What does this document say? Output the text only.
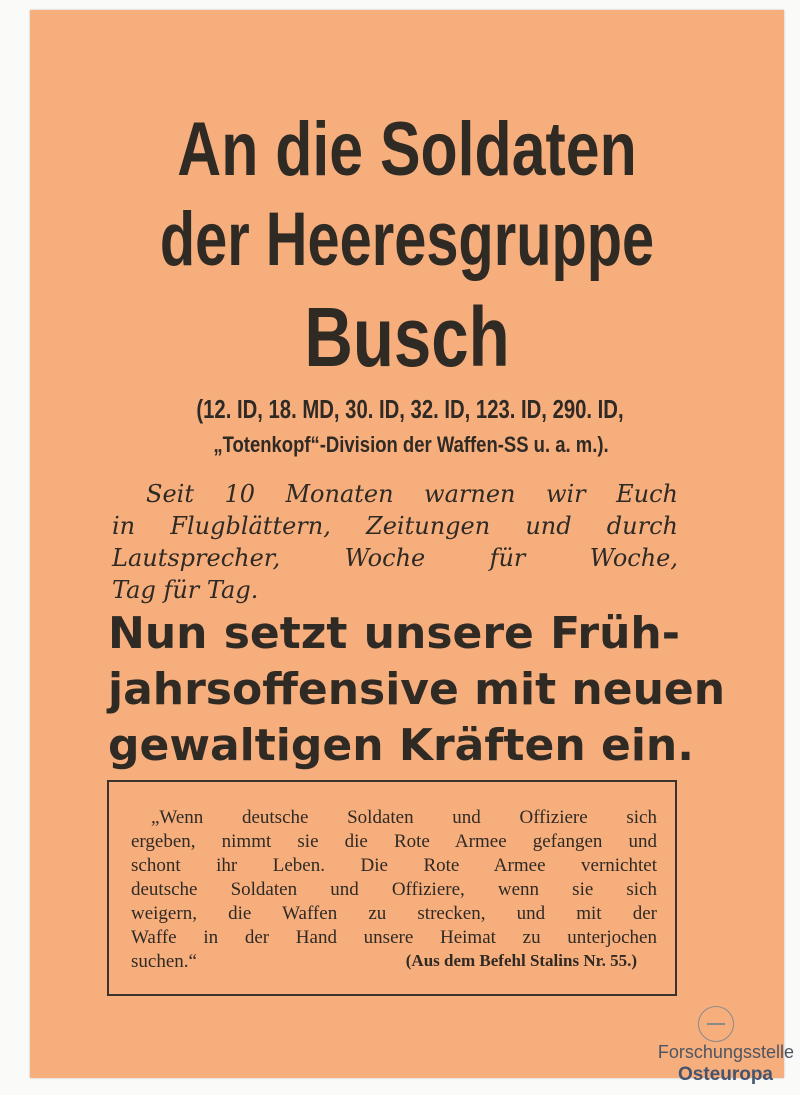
An die Soldaten
der Heeresgruppe
Busch
(12. ID, 18. MD, 30. ID, 32. ID, 123. ID, 290. ID,
„Totenkopf“-Division der Waffen-SS u. a. m.).
Seit 10 Monaten warnen wir Euch
in Flugblättern, Zeitungen und durch
Lautsprecher, Woche für Woche,
Tag für Tag.
Nun setzt unsere Früh-
jahrsoffensive mit neuen
gewaltigen Kräften ein.
„Wenn deutsche Soldaten und Offiziere sich
ergeben, nimmt sie die Rote Armee gefangen und
schont ihr Leben. Die Rote Armee vernichtet
deutsche Soldaten und Offiziere, wenn sie sich
weigern, die Waffen zu strecken, und mit der
Waffe in der Hand unsere Heimat zu unterjochen
suchen.“	(Aus dem Befehl Stalins Nr. 55.)
Forschungsstelle
Osteuropa
